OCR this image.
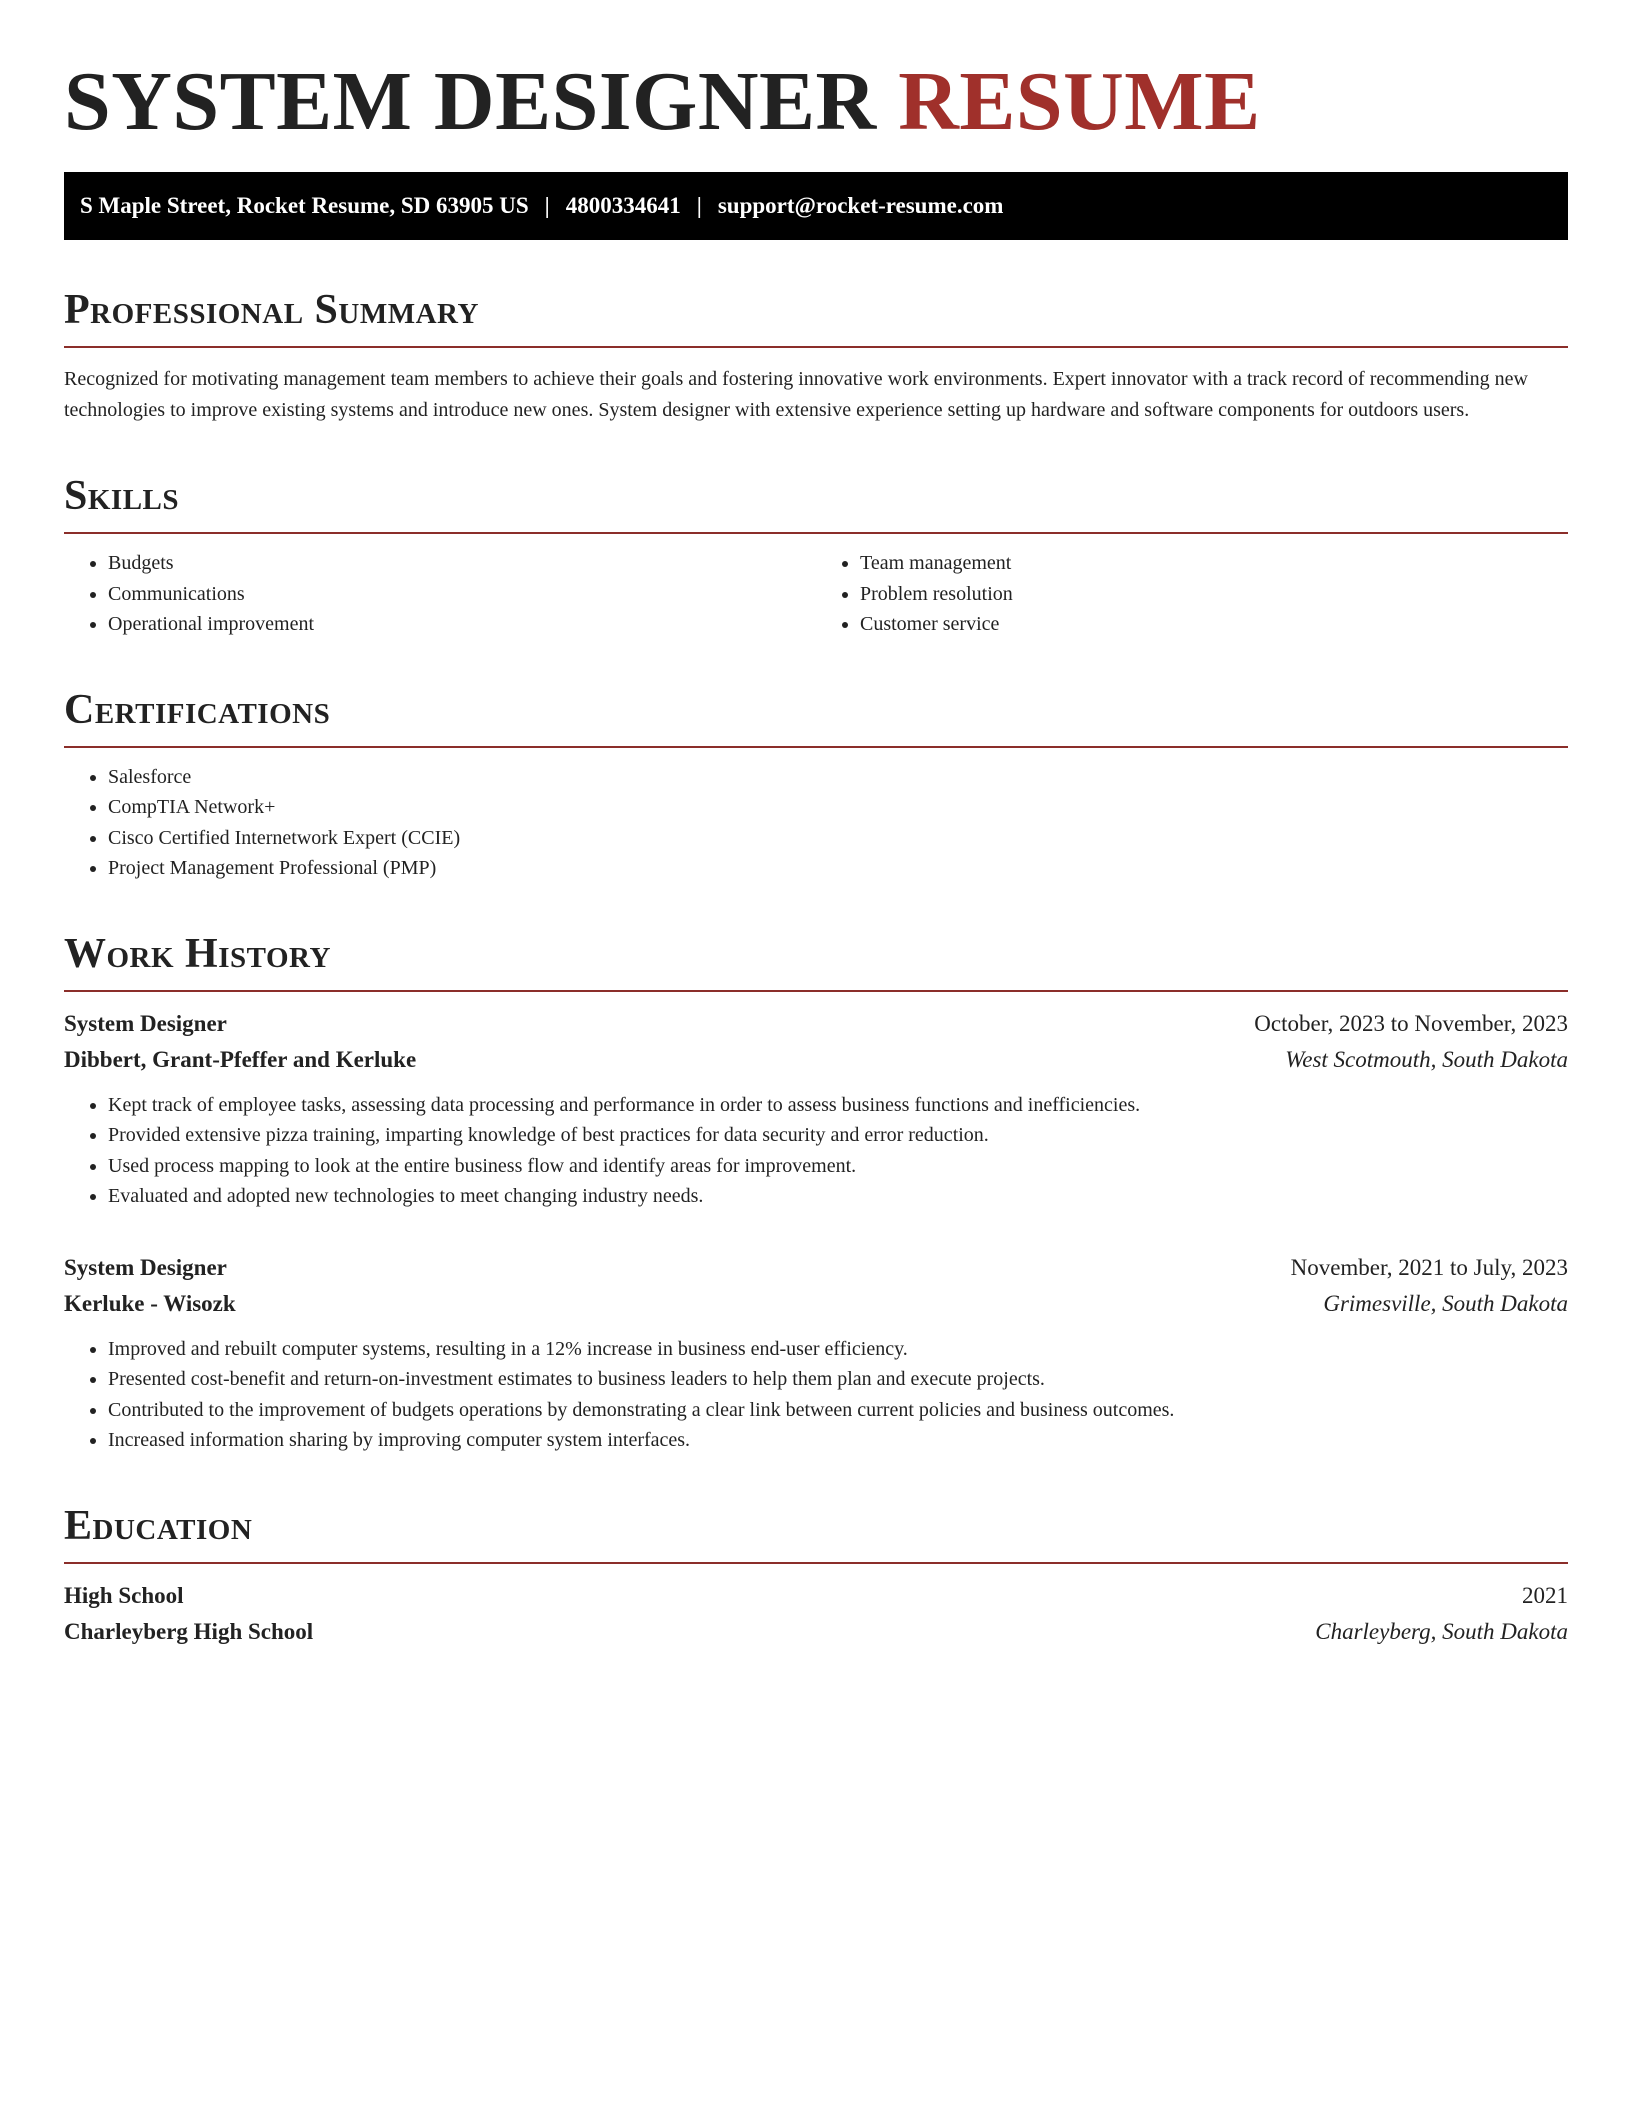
SYSTEM DESIGNER RESUME
S Maple Street, Rocket Resume, SD 63905 US | 4800334641 | support@rocket-resume.com
Professional Summary

Recognized for motivating management team members to achieve their goals and fostering innovative work environments. Expert innovator with a track record of recommending new technologies to improve existing systems and introduce new ones. System designer with extensive experience setting up hardware and software components for outdoors users.

Skills
• Budgets
• Communications
• Operational improvement
• Team management
• Problem resolution
• Customer service
Certifications
• Salesforce
• CompTIA Network+
• Cisco Certified Internetwork Expert (CCIE)
• Project Management Professional (PMP)
Work History
System Designer	October, 2023 to November, 2023
Dibbert, Grant-Pfeffer and Kerluke	West Scotmouth, South Dakota
• Kept track of employee tasks, assessing data processing and performance in order to assess business functions and inefficiencies.
• Provided extensive pizza training, imparting knowledge of best practices for data security and error reduction.
• Used process mapping to look at the entire business flow and identify areas for improvement.
• Evaluated and adopted new technologies to meet changing industry needs.
System Designer	November, 2021 to July, 2023
Kerluke - Wisozk	Grimesville, South Dakota
• Improved and rebuilt computer systems, resulting in a 12% increase in business end-user efficiency.
• Presented cost-benefit and return-on-investment estimates to business leaders to help them plan and execute projects.
• Contributed to the improvement of budgets operations by demonstrating a clear link between current policies and business outcomes.
• Increased information sharing by improving computer system interfaces.
Education
High School	2021
Charleyberg High School	Charleyberg, South Dakota
